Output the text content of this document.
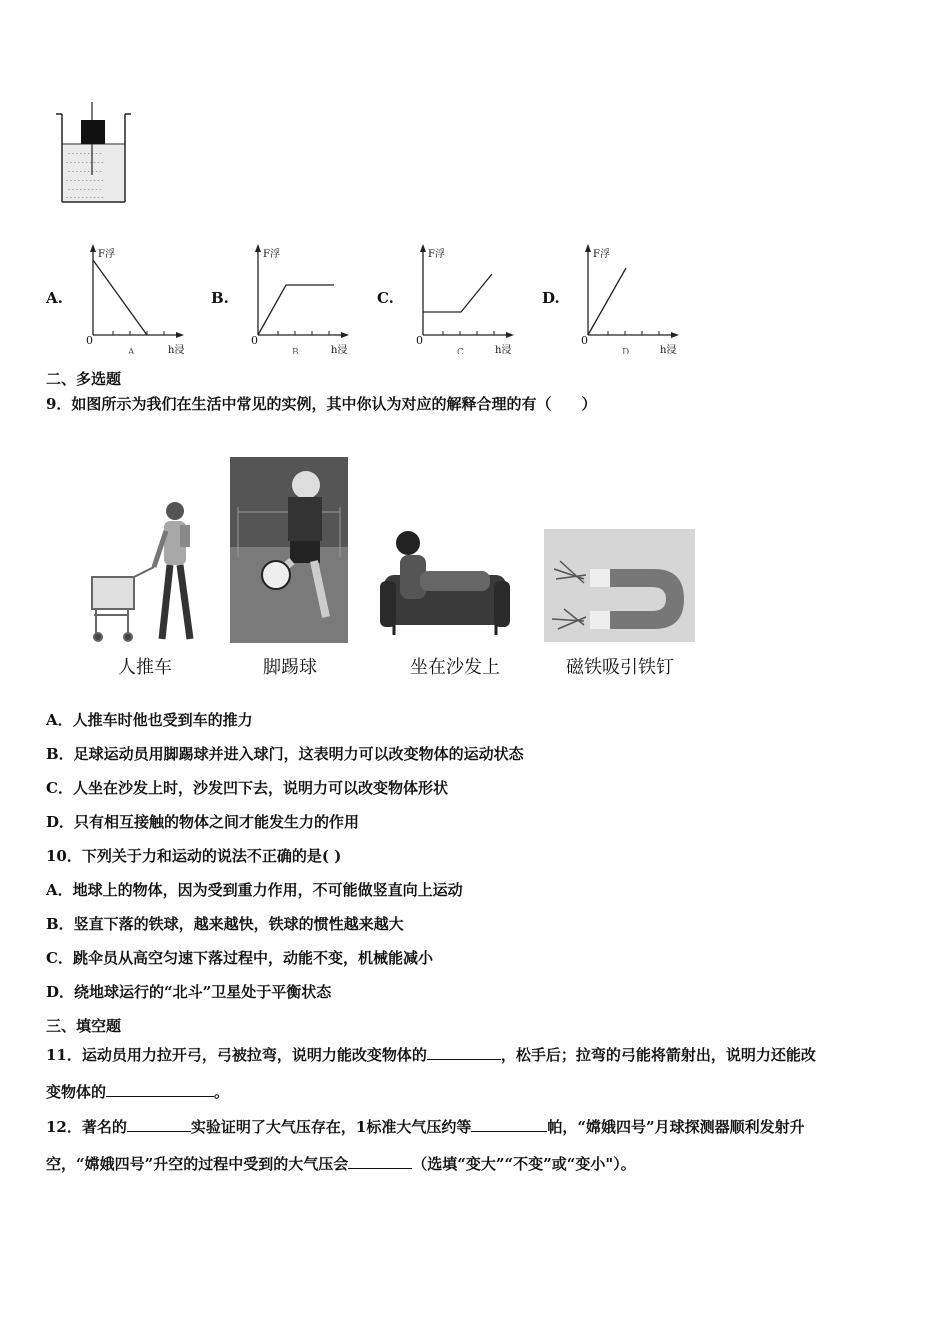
- - - - - - - - -
- - - - - - - - - -
- - - - - - - - -
- - - - - - - - - -
- - - - - - - - -
- - - - - - - - - -
A.
F浮
h浸
0
A
B.
F浮
h浸
0
B
C.
F浮
h浸
0
C
D.
F浮
h浸
0
D
二、多选题
9．如图所示为我们在生活中常见的实例，其中你认为对应的解释合理的有（　　）
人推车	脚踢球	坐在沙发上	磁铁吸引铁钉
A．人推车时他也受到车的推力
B．足球运动员用脚踢球并进入球门，这表明力可以改变物体的运动状态
C．人坐在沙发上时，沙发凹下去，说明力可以改变物体形状
D．只有相互接触的物体之间才能发生力的作用
10．下列关于力和运动的说法不正确的是( )
A．地球上的物体，因为受到重力作用，不可能做竖直向上运动
B．竖直下落的铁球，越来越快，铁球的惯性越来越大
C．跳伞员从高空匀速下落过程中，动能不变，机械能减小
D．绕地球运行的“北斗”卫星处于平衡状态
三、填空题
11．运动员用力拉开弓，弓被拉弯，说明力能改变物体的	，松手后；拉弯的弓能将箭射出，说明力还能改
变物体的	。
12．著名的	实验证明了大气压存在，1标准大气压约等	帕，“嫦娥四号”月球探测器顺利发射升
空，“嫦娥四号”升空的过程中受到的大气压会	（选填“变大”“不变”或“变小"）。
